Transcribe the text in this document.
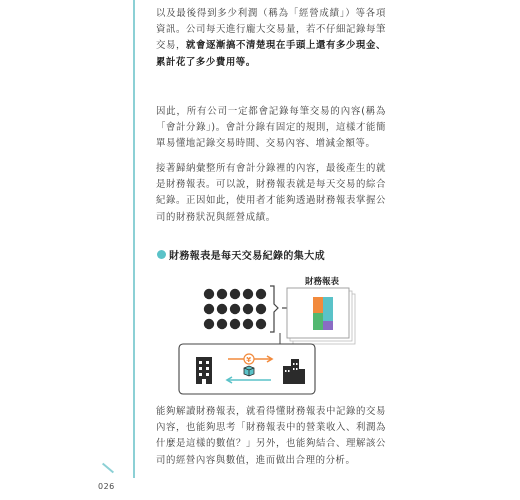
026
以及最後得到多少利潤（稱為「經營成績」）等各項資訊。公司每天進行龐大交易量，若不仔細記錄每筆交易，就會逐漸搞不清楚現在手頭上還有多少現金、累計花了多少費用等。
因此，所有公司一定都會記錄每筆交易的內容(稱為「會計分錄」)。會計分錄有固定的規則，這樣才能簡單易懂地記錄交易時間、交易內容、增減金額等。
接著歸納彙整所有會計分錄裡的內容，最後產生的就是財務報表。可以說，財務報表就是每天交易的綜合紀錄。正因如此，使用者才能夠透過財務報表掌握公司的財務狀況與經營成績。
財務報表是每天交易紀錄的集大成
財務報表
¥
能夠解讀財務報表，就看得懂財務報表中記錄的交易內容，也能夠思考「財務報表中的營業收入、利潤為什麼是這樣的數值？」另外，也能夠結合、理解該公司的經營內容與數值，進而做出合理的分析。
